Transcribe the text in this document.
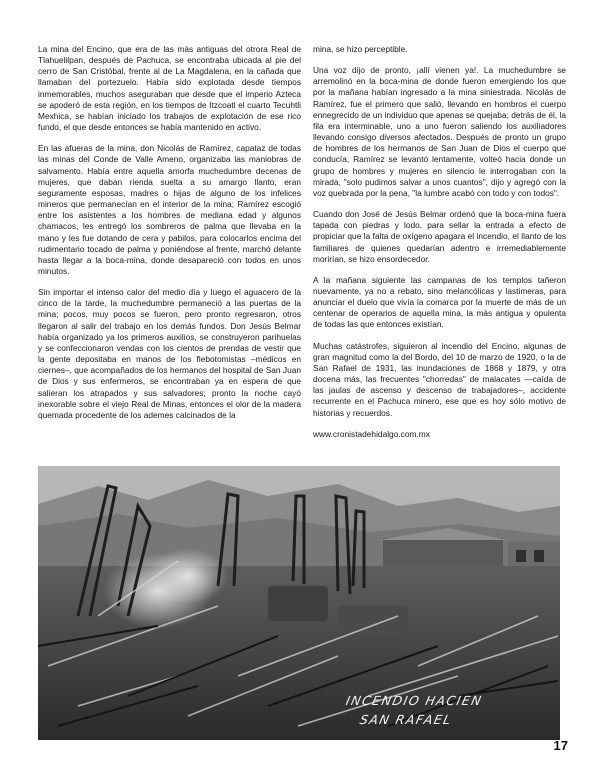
La mina del Encino, que era de las más antiguas del otrora Real de Tlahuelilpan, después de Pachuca, se encontraba ubicada al pie del cerro de San Cristóbal, frente al de La Magdalena, en la cañada que llamaban del portezuelo. Había sido explotada desde tiempos inmemorables, muchos aseguraban que desde que el imperio Azteca se apoderó de esta región, en los tiempos de Itzcoatl el cuarto Tecuhtli Mexhica, se habían iniciado los trabajos de explotación de ese rico fundo, el que desde entonces se había mantenido en activo.

En las afueras de la mina, don Nicolás de Ramírez, capataz de todas las minas del Conde de Valle Ameno, organizaba las maniobras de salvamento. Había entre aquella amorfa muchedumbre decenas de mujeres, que daban rienda suelta a su amargo llanto, eran seguramente esposas, madres o hijas de alguno de los infelices mineros que permanecían en el interior de la mina; Ramírez escogió entre los asistentes a los hombres de mediana edad y algunos chamacos, les entregó los sombreros de palma que llevaba en la mano y les fue dotando de cera y pabilos, para colocarlos encima del rudimentario tocado de palma y poniéndose al frente, marchó delante hasta llegar a la boca-mina, donde desapareció con todos en unos minutos.

Sin importar el intenso calor del medio día y luego el aguacero de la cinco de la tarde, la muchedumbre permaneció a las puertas de la mina; pocos, muy pocos se fueron, pero pronto regresaron, otros llegaron al salir del trabajo en los demás fundos. Don Jesús Belmar había organizado ya los primeros auxilios, se construyeron parihuelas y se confeccionaron vendas con los cientos de prendas de vestir que la gente depositaba en manos de los flebotomistas –médicos en ciernes–, que acompañados de los hermanos del hospital de San Juan de Dios y sus enfermeros, se encontraban ya en espera de que salieran los atrapados y sus salvadores; pronto la noche cayó inexorable sobre el viejo Real de Minas, entonces el olor de la madera quemada procedente de los ademes calcinados de la

mina, se hizo perceptible.

Una voz dijo de pronto, ¡allí vienen ya!. La muchedumbre se arremolinó en la boca-mina de donde fueron emergiendo los que por la mañana habían ingresado a la mina siniestrada. Nicolás de Ramírez, fue el primero que salió, llevando en hombros el cuerpo ennegrecido de un individuo que apenas se quejaba; detrás de él, la fila era interminable, uno a uno fueron saliendo los auxiliadores llevando consigo diversos afectados. Después de pronto un grupo de hombres de los hermanos de San Juan de Dios el cuerpo que conducía, Ramírez se levantó lentamente, volteó hacia donde un grupo de hombres y mujeres en silencio le interrogaban con la mirada, "solo pudimos salvar a unos cuantos", dijo y agregó con la voz quebrada por la pena, "la lumbre acabó con todo y con todos".

Cuando don José de Jesús Belmar ordenó que la boca-mina fuera tapada con piedras y lodo, para sellar la entrada a efecto de propiciar que la falta de oxígeno apagara el incendio, el llanto de los familiares de quienes quedarían adentro e irremediablemente morirían, se hizo ensordecedor.

A la mañana siguiente las campanas de los templos tañeron nuevamente, ya no a rebato, sino melancólicas y lastimeras, para anunciar el duelo que vivía la comarca por la muerte de más de un centenar de operarios de aquella mina, la más antigua y opulenta de todas las que entonces existían.

Muchas catástrofes, siguieron al incendio del Encino, algunas de gran magnitud como la del Bordo, del 10 de marzo de 1920, o la de San Rafael de 1931, las inundaciones de 1868 y 1879, y otra docena más, las frecuentes "chorredas" de malacates —caída de las jaulas de ascenso y descenso de trabajadores–, accidente recurrente en el Pachuca minero, ese que es hoy sólo motivo de historias y recuerdos.

www.cronistadehidalgo.com.mx

INCENDIO HACIEN
SAN RAFAEL
17
